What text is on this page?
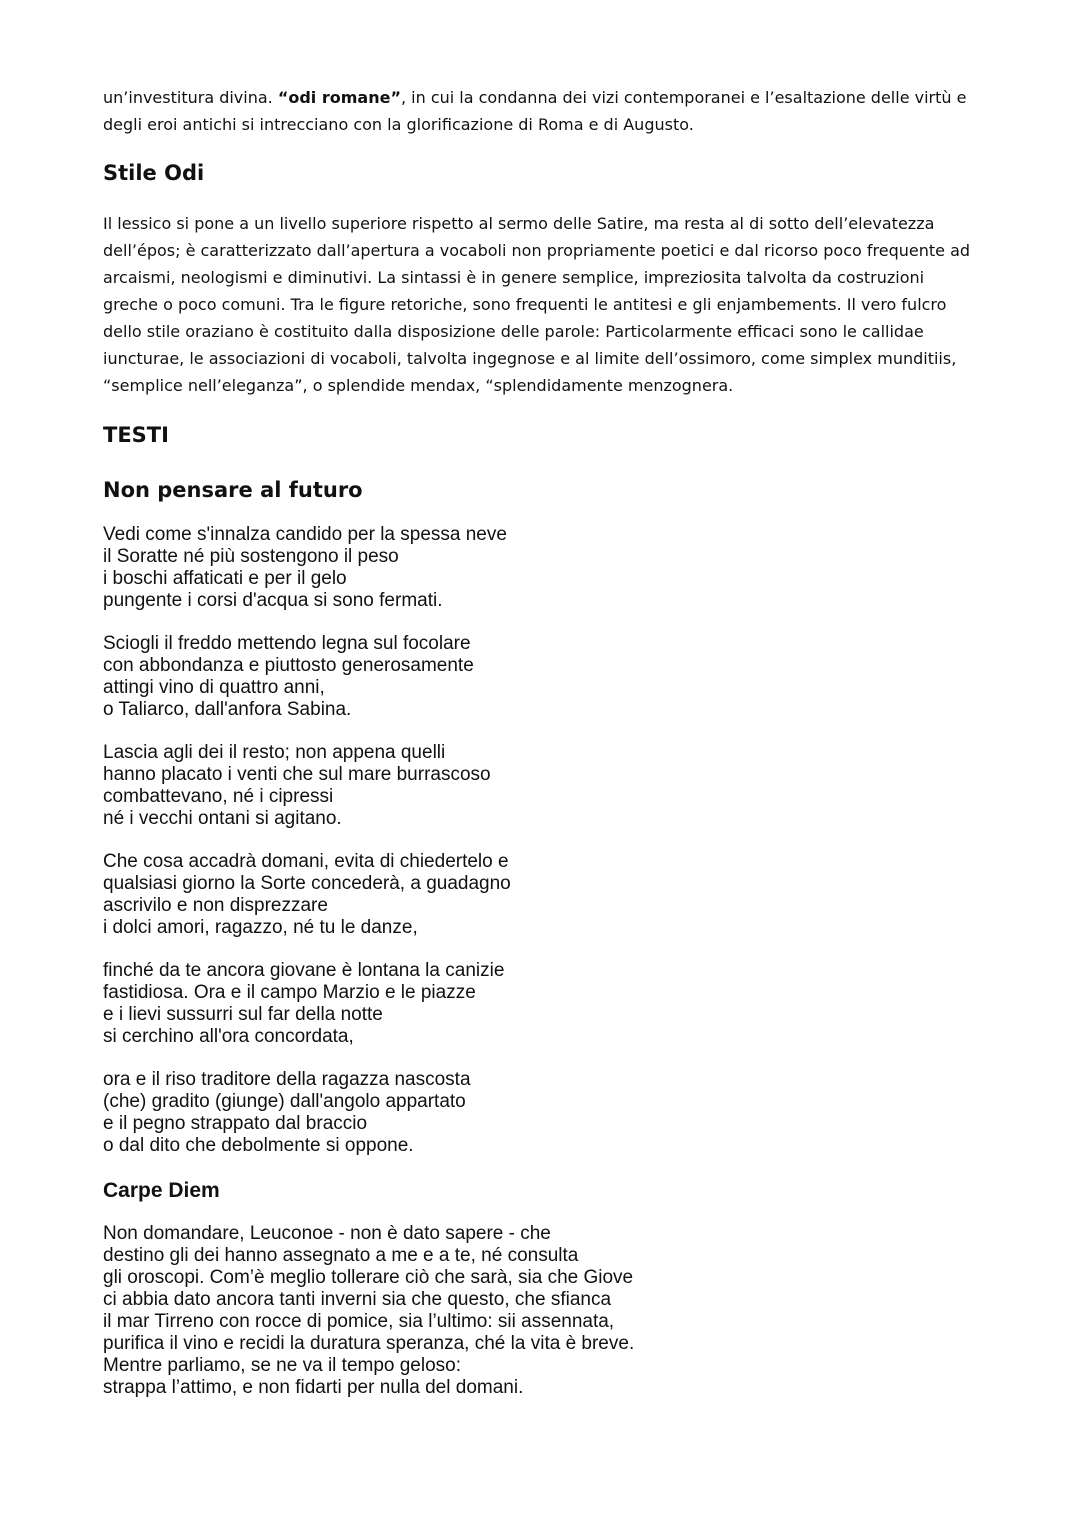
un’investitura divina. “odi romane”, in cui la condanna dei vizi contemporanei e l’esaltazione delle virtù e
degli eroi antichi si intrecciano con la glorificazione di Roma e di Augusto.

Stile Odi

Il lessico si pone a un livello superiore rispetto al sermo delle Satire, ma resta al di sotto dell’elevatezza
dell’épos; è caratterizzato dall’apertura a vocaboli non propriamente poetici e dal ricorso poco frequente ad
arcaismi, neologismi e diminutivi. La sintassi è in genere semplice, impreziosita talvolta da costruzioni
greche o poco comuni. Tra le figure retoriche, sono frequenti le antitesi e gli enjambements. Il vero fulcro
dello stile oraziano è costituito dalla disposizione delle parole: Particolarmente efficaci sono le callidae
iuncturae, le associazioni di vocaboli, talvolta ingegnose e al limite dell’ossimoro, come simplex munditiis,
“semplice nell’eleganza”, o splendide mendax, “splendidamente menzognera.

TESTI
Non pensare al futuro
Vedi come s'innalza candido per la spessa neve
il Soratte né più sostengono il peso
i boschi affaticati e per il gelo
pungente i corsi d'acqua si sono fermati.
Sciogli il freddo mettendo legna sul focolare
con abbondanza e piuttosto generosamente
attingi vino di quattro anni,
o Taliarco, dall'anfora Sabina.
Lascia agli dei il resto; non appena quelli
hanno placato i venti che sul mare burrascoso
combattevano, né i cipressi
né i vecchi ontani si agitano.
Che cosa accadrà domani, evita di chiedertelo e
qualsiasi giorno la Sorte concederà, a guadagno
ascrivilo e non disprezzare
i dolci amori, ragazzo, né tu le danze,
finché da te ancora giovane è lontana la canizie
fastidiosa. Ora e il campo Marzio e le piazze
e i lievi sussurri sul far della notte
si cerchino all'ora concordata,
ora e il riso traditore della ragazza nascosta
(che) gradito (giunge) dall'angolo appartato
e il pegno strappato dal braccio
o dal dito che debolmente si oppone.
Carpe Diem
Non domandare, Leuconoe - non è dato sapere - che
destino gli dei hanno assegnato a me e a te, né consulta
gli oroscopi. Com’è meglio tollerare ciò che sarà, sia che Giove
ci abbia dato ancora tanti inverni sia che questo, che sfianca
il mar Tirreno con rocce di pomice, sia l’ultimo: sii assennata,
purifica il vino e recidi la duratura speranza, ché la vita è breve.
Mentre parliamo, se ne va il tempo geloso:
strappa l’attimo, e non fidarti per nulla del domani.
